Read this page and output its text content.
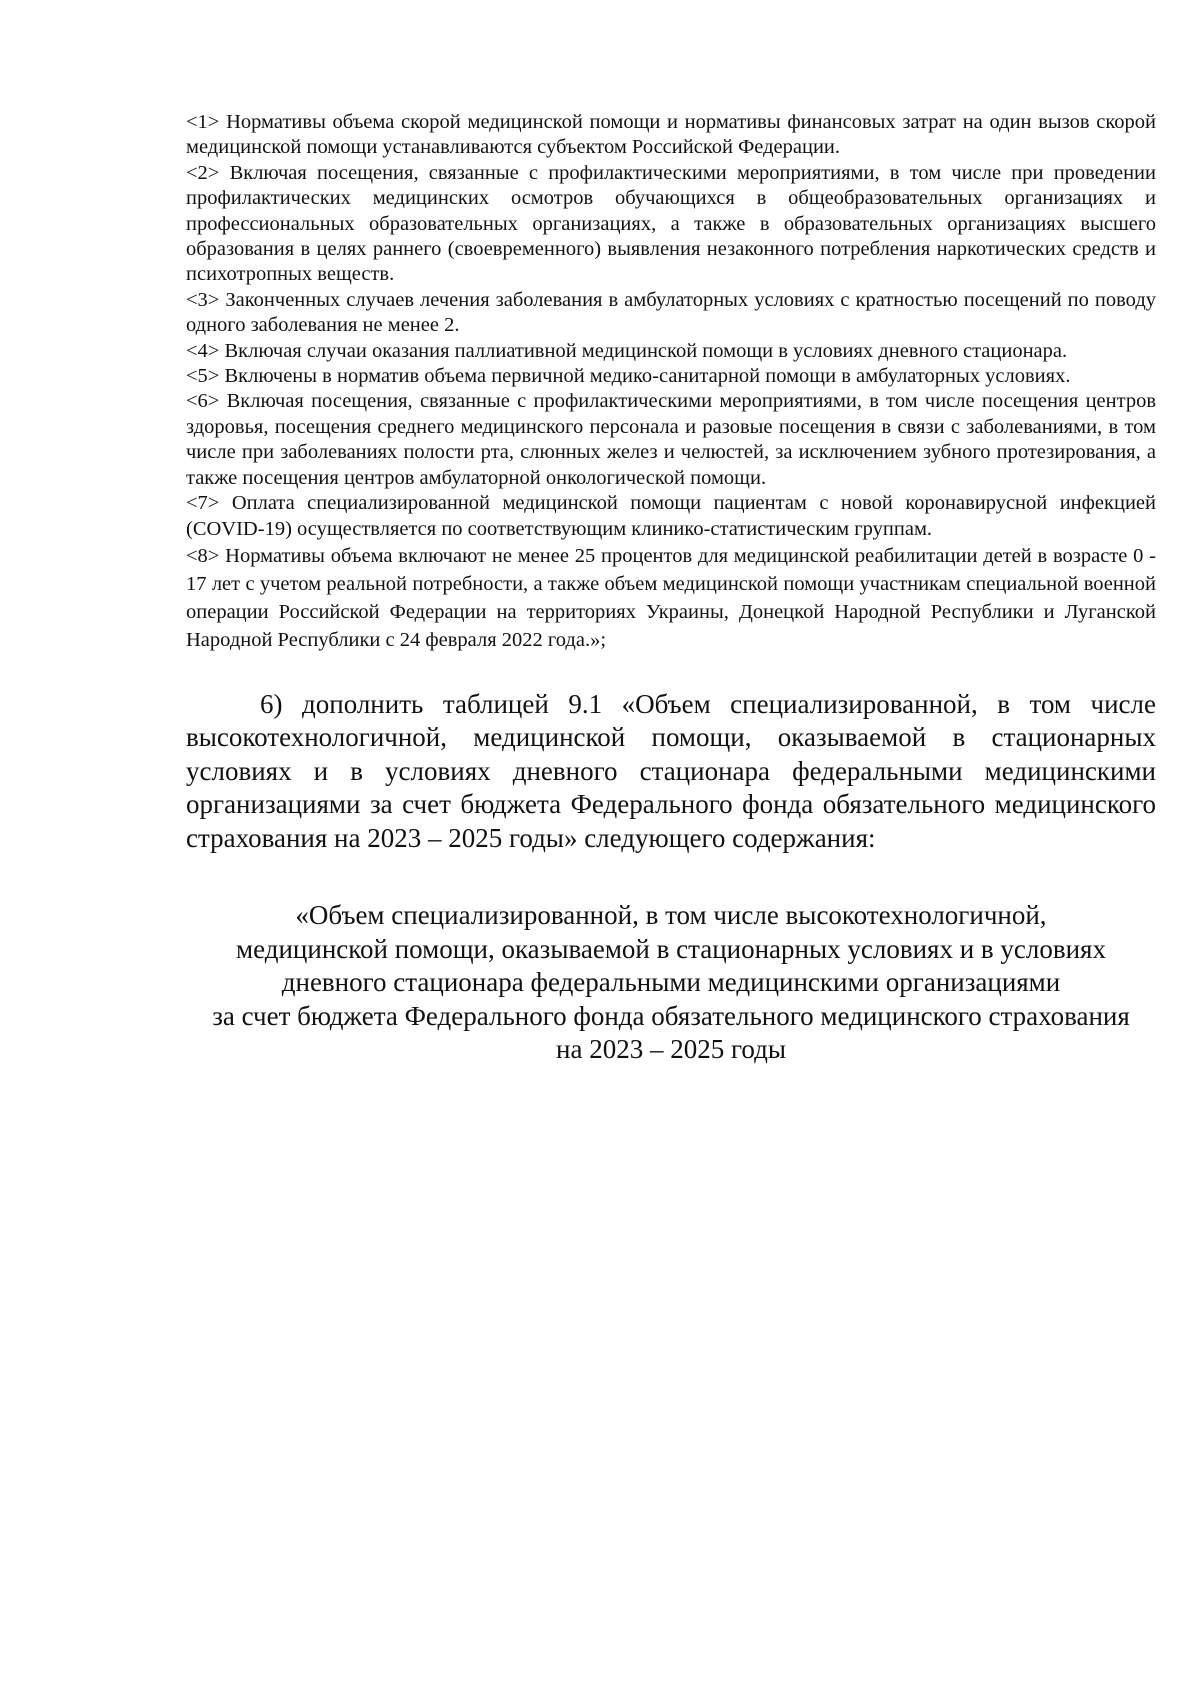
<1> Нормативы объема скорой медицинской помощи и нормативы финансовых затрат на один вызов скорой медицинской помощи устанавливаются субъектом Российской Федерации.

<2> Включая посещения, связанные с профилактическими мероприятиями, в том числе при проведении профилактических медицинских осмотров обучающихся в общеобразовательных организациях и профессиональных образовательных организациях, а также в образовательных организациях высшего образования в целях раннего (своевременного) выявления незаконного потребления наркотических средств и психотропных веществ.

<3> Законченных случаев лечения заболевания в амбулаторных условиях с кратностью посещений по поводу одного заболевания не менее 2.

<4> Включая случаи оказания паллиативной медицинской помощи в условиях дневного стационара.

<5> Включены в норматив объема первичной медико-санитарной помощи в амбулаторных условиях.

<6> Включая посещения, связанные с профилактическими мероприятиями, в том числе посещения центров здоровья, посещения среднего медицинского персонала и разовые посещения в связи с заболеваниями, в том числе при заболеваниях полости рта, слюнных желез и челюстей, за исключением зубного протезирования, а также посещения центров амбулаторной онкологической помощи.

<7> Оплата специализированной медицинской помощи пациентам с новой коронавирусной инфекцией (COVID-19) осуществляется по соответствующим клинико-статистическим группам.

<8> Нормативы объема включают не менее 25 процентов для медицинской реабилитации детей в возрасте 0 - 17 лет с учетом реальной потребности, а также объем медицинской помощи участникам специальной военной операции Российской Федерации на территориях Украины, Донецкой Народной Республики и Луганской Народной Республики с 24 февраля 2022 года.»;

6) дополнить таблицей 9.1 «Объем специализированной, в том числе высокотехнологичной, медицинской помощи, оказываемой в стационарных условиях и в условиях дневного стационара федеральными медицинскими организациями за счет бюджета Федерального фонда обязательного медицинского страхования на 2023 – 2025 годы» следующего содержания:

«Объем специализированной, в том числе высокотехнологичной,
медицинской помощи, оказываемой в стационарных условиях и в условиях
дневного стационара федеральными медицинскими организациями
за счет бюджета Федерального фонда обязательного медицинского страхования
на 2023 – 2025 годы
